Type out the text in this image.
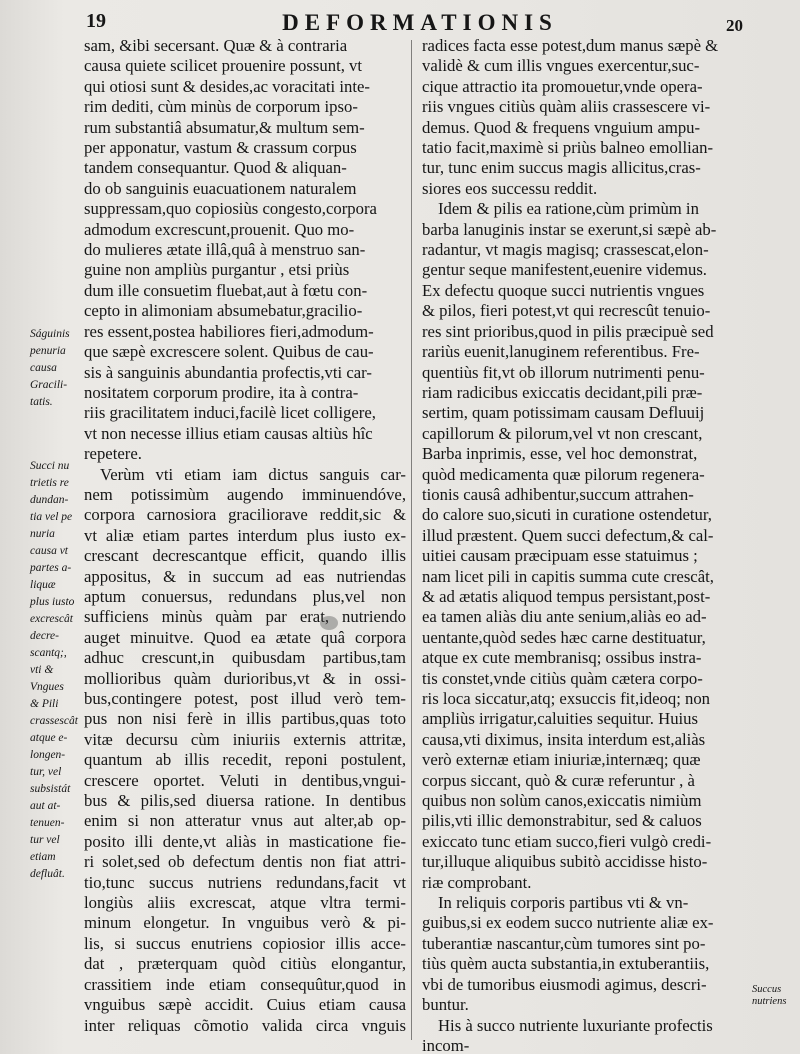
19	DEFORMATIONIS	20

sam, &ibi secersant. Quæ & à contraria
causa quiete scilicet prouenire possunt, vt
qui otiosi sunt & desides,ac voracitati inte-
rim dediti, cùm minùs de corporum ipso-
rum substantiâ absumatur,& multum sem-
per apponatur, vastum & crassum corpus
tandem consequantur. Quod & aliquan-
do ob sanguinis euacuationem naturalem
suppressam,quo copiosiùs congesto,corpora
admodum excrescunt,prouenit. Quo mo-
do mulieres ætate illâ,quâ à menstruo san-
guine non ampliùs purgantur , etsi priùs
dum ille consuetim fluebat,aut à fœtu con-
cepto in alimoniam absumebatur,gracilio-
res essent,postea habiliores fieri,admodum-
que sæpè excrescere solent. Quibus de cau-
sis à sanguinis abundantia profectis,vti car-
nositatem corporum prodire, ita à contra-
riis gracilitatem induci,facilè licet colligere,
vt non necesse illius etiam causas altiùs hîc
repetere.

Verùm vti etiam iam dictus sanguis car-
nem potissimùm augendo imminuendóve,
corpora carnosiora graciliorave reddit,sic &
vt aliæ etiam partes interdum plus iusto ex-
crescant decrescantque efficit, quando illis
appositus, & in succum ad eas nutriendas
aptum conuersus, redundans plus,vel non
sufficiens minùs quàm par erat, nutriendo
auget minuitve. Quod ea ætate quâ corpora
adhuc crescunt,in quibusdam partibus,tam
mollioribus quàm durioribus,vt & in ossi-
bus,contingere potest, post illud verò tem-
pus non nisi ferè in illis partibus,quas toto
vitæ decursu cùm iniuriis externis attritæ,
quantum ab illis recedit, reponi postulent,
crescere oportet. Veluti in dentibus,vngui-
bus & pilis,sed diuersa ratione. In dentibus
enim si non atteratur vnus aut alter,ab op-
posito illi dente,vt aliàs in masticatione fie-
ri solet,sed ob defectum dentis non fiat attri-
tio,tunc succus nutriens redundans,facit vt
longiùs aliis excrescat, atque vltra termi-
minum elongetur. In vnguibus verò & pi-
lis, si succus enutriens copiosior illis acce-
dat , præterquam quòd citiùs elongantur,
crassitiem inde etiam consequûtur,quod in
vnguibus sæpè accidit. Cuius etiam causa
inter reliquas cõmotio valida circa vnguis

radices facta esse potest,dum manus sæpè &
validè & cum illis vngues exercentur,suc-
cique attractio ita promouetur,vnde opera-
riis vngues citiùs quàm aliis crassescere vi-
demus. Quod & frequens vnguium ampu-
tatio facit,maximè si priùs balneo emollian-
tur, tunc enim succus magis allicitus,cras-
siores eos successu reddit.

Idem & pilis ea ratione,cùm primùm in
barba lanuginis instar se exerunt,si sæpè ab-
radantur, vt magis magisq; crassescat,elon-
gentur seque manifestent,euenire videmus.
Ex defectu quoque succi nutrientis vngues
& pilos, fieri potest,vt qui recrescût tenuio-
res sint prioribus,quod in pilis præcipuè sed
rariùs euenit,lanuginem referentibus. Fre-
quentiùs fit,vt ob illorum nutrimenti penu-
riam radicibus exiccatis decidant,pili præ-
sertim, quam potissimam causam Defluuij
capillorum & pilorum,vel vt non crescant,
Barba inprimis, esse, vel hoc demonstrat,
quòd medicamenta quæ pilorum regenera-
tionis causâ adhibentur,succum attrahen-
do calore suo,sicuti in curatione ostendetur,
illud præstent. Quem succi defectum,& cal-
uitiei causam præcipuam esse statuimus ;
nam licet pili in capitis summa cute crescât,
& ad ætatis aliquod tempus persistant,post-
ea tamen aliàs diu ante senium,aliàs eo ad-
uentante,quòd sedes hæc carne destituatur,
atque ex cute membranisq; ossibus instra-
tis constet,vnde citiùs quàm cætera corpo-
ris loca siccatur,atq; exsuccis fit,ideoq; non
ampliùs irrigatur,caluities sequitur. Huius
causa,vti diximus, insita interdum est,aliàs
verò externæ etiam iniuriæ,internæq; quæ
corpus siccant, quò & curæ referuntur , à
quibus non solùm canos,exiccatis nimiùm
pilis,vti illic demonstrabitur, sed & caluos
exiccato tunc etiam succo,fieri vulgò credi-
tur,illuque aliquibus subitò accidisse histo-
riæ comprobant.

In reliquis corporis partibus vti & vn-
guibus,si ex eodem succo nutriente aliæ ex-
tuberantiæ nascantur,cùm tumores sint po-
tiùs quèm aucta substantia,in extuberantiis,
vbi de tumoribus eiusmodi agimus, descri-
buntur.

His à succo nutriente luxuriante profectis
incom-

Ságuinis
penuria
causa
Gracili-
tatis.
Succi nu
trietis re
dundan-
tia vel pe
nuria
causa vt
partes a-
liquæ
plus iusto
excrescât
decre-
scantq;,
vti &
Vngues
& Pili
crassescât
atque e-
longen-
tur, vel
subsistát
aut at-
tenuen-
tur vel
etiam
defluât.
Succus
nutriens
